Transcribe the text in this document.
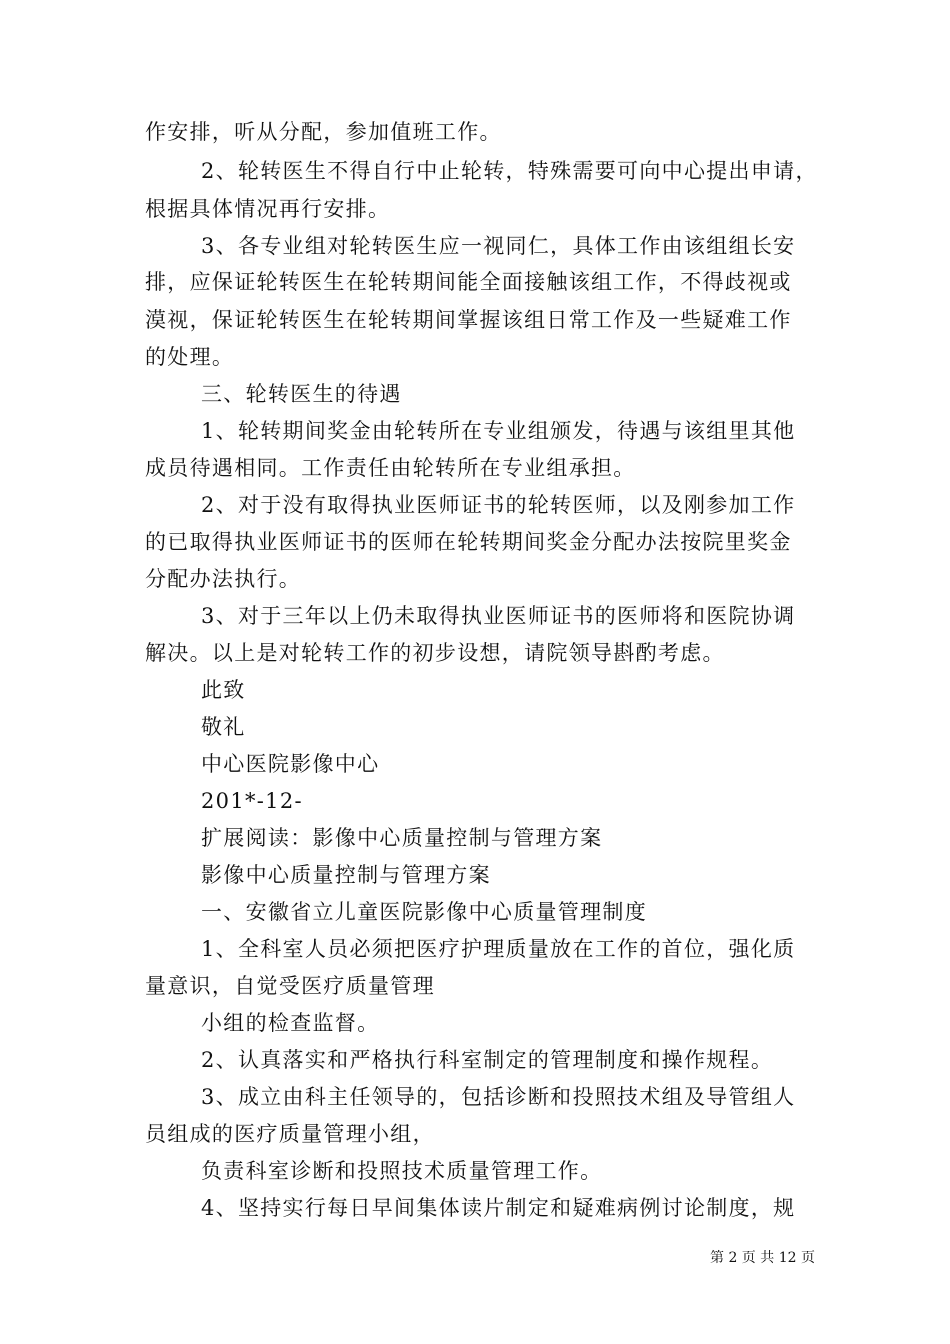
作安排，听从分配，参加值班工作。
2、轮转医生不得自行中止轮转，特殊需要可向中心提出申请，
根据具体情况再行安排。
3、各专业组对轮转医生应一视同仁，具体工作由该组组长安
排，应保证轮转医生在轮转期间能全面接触该组工作，不得歧视或
漠视，保证轮转医生在轮转期间掌握该组日常工作及一些疑难工作
的处理。
三、轮转医生的待遇
1、轮转期间奖金由轮转所在专业组颁发，待遇与该组里其他
成员待遇相同。工作责任由轮转所在专业组承担。
2、对于没有取得执业医师证书的轮转医师，以及刚参加工作
的已取得执业医师证书的医师在轮转期间奖金分配办法按院里奖金
分配办法执行。
3、对于三年以上仍未取得执业医师证书的医师将和医院协调
解决。以上是对轮转工作的初步设想，请院领导斟酌考虑。
此致
敬礼
中心医院影像中心
201*-12-
扩展阅读：影像中心质量控制与管理方案
影像中心质量控制与管理方案
一、安徽省立儿童医院影像中心质量管理制度
1、全科室人员必须把医疗护理质量放在工作的首位，强化质
量意识，自觉受医疗质量管理
小组的检查监督。
2、认真落实和严格执行科室制定的管理制度和操作规程。
3、成立由科主任领导的，包括诊断和投照技术组及导管组人
员组成的医疗质量管理小组，
负责科室诊断和投照技术质量管理工作。
4、坚持实行每日早间集体读片制定和疑难病例讨论制度，规
第 2 页 共 12 页
